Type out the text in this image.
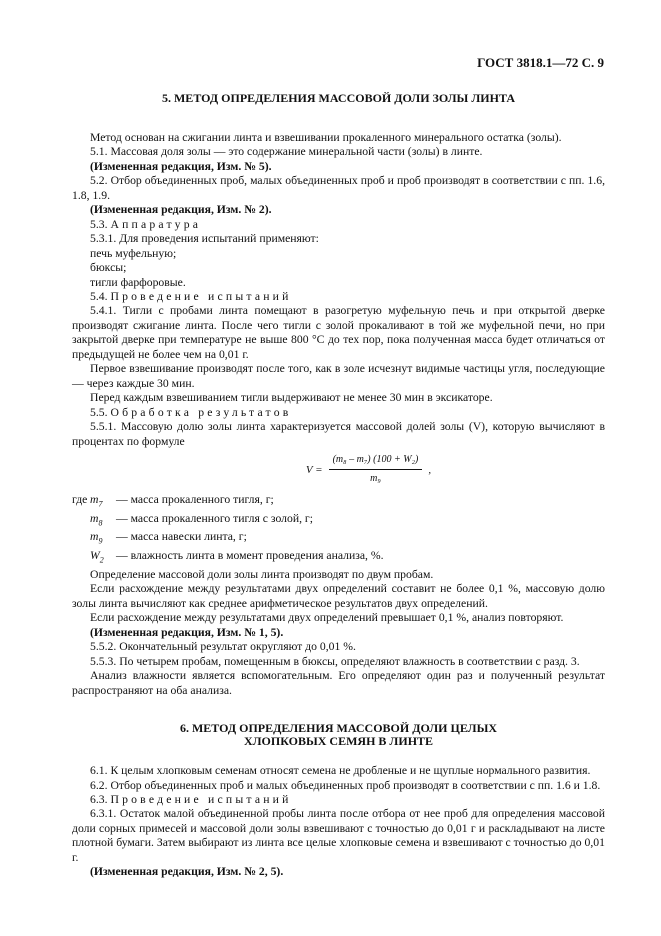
ГОСТ 3818.1—72 С. 9
5. МЕТОД ОПРЕДЕЛЕНИЯ МАССОВОЙ ДОЛИ ЗОЛЫ ЛИНТА

Метод основан на сжигании линта и взвешивании прокаленного минерального остатка (золы).

5.1. Массовая доля золы — это содержание минеральной части (золы) в линте.

(Измененная редакция, Изм. № 5).

5.2. Отбор объединенных проб, малых объединенных проб и проб производят в соответствии с пп. 1.6, 1.8, 1.9.

(Измененная редакция, Изм. № 2).

5.3. Аппаратура

5.3.1. Для проведения испытаний применяют:

печь муфельную;

бюксы;

тигли фарфоровые.

5.4. Проведение испытаний

5.4.1. Тигли с пробами линта помещают в разогретую муфельную печь и при открытой дверке производят сжигание линта. После чего тигли с золой прокаливают в той же муфельной печи, но при закрытой дверке при температуре не выше 800 °С до тех пор, пока полученная масса будет отличаться от предыдущей не более чем на 0,01 г.

Первое взвешивание производят после того, как в золе исчезнут видимые частицы угля, последующие — через каждые 30 мин.

Перед каждым взвешиванием тигли выдерживают не менее 30 мин в эксикаторе.

5.5. Обработка результатов

5.5.1. Массовую долю золы линта характеризуется массовой долей золы (V), которую вычисляют в процентах по формуле

$V = \frac{\text{(m₈ – m₇) (100 + W₂)}}{\text{m₉}}$ ,
где $m_7$	— масса прокаленного тигля, г;
$m_8$	— масса прокаленного тигля с золой, г;
$m_9$	— масса навески линта, г;
$W_2$	— влажность линта в момент проведения анализа, %.

Определение массовой доли золы линта производят по двум пробам.

Если расхождение между результатами двух определений составит не более 0,1 %, массовую долю золы линта вычисляют как среднее арифметическое результатов двух определений.

Если расхождение между результатами двух определений превышает 0,1 %, анализ повторяют.

(Измененная редакция, Изм. № 1, 5).

5.5.2. Окончательный результат округляют до 0,01 %.

5.5.3. По четырем пробам, помещенным в бюксы, определяют влажность в соответствии с разд. 3.

Анализ влажности является вспомогательным. Его определяют один раз и полученный результат распространяют на оба анализа.

6. МЕТОД ОПРЕДЕЛЕНИЯ МАССОВОЙ ДОЛИ ЦЕЛЫХ
ХЛОПКОВЫХ СЕМЯН В ЛИНТЕ

6.1. К целым хлопковым семенам относят семена не дробленые и не щуплые нормального развития.

6.2. Отбор объединенных проб и малых объединенных проб производят в соответствии с пп. 1.6 и 1.8.

6.3. Проведение испытаний

6.3.1. Остаток малой объединенной пробы линта после отбора от нее проб для определения массовой доли сорных примесей и массовой доли золы взвешивают с точностью до 0,01 г и раскладывают на листе плотной бумаги. Затем выбирают из линта все целые хлопковые семена и взвешивают с точностью до 0,01 г.

(Измененная редакция, Изм. № 2, 5).
